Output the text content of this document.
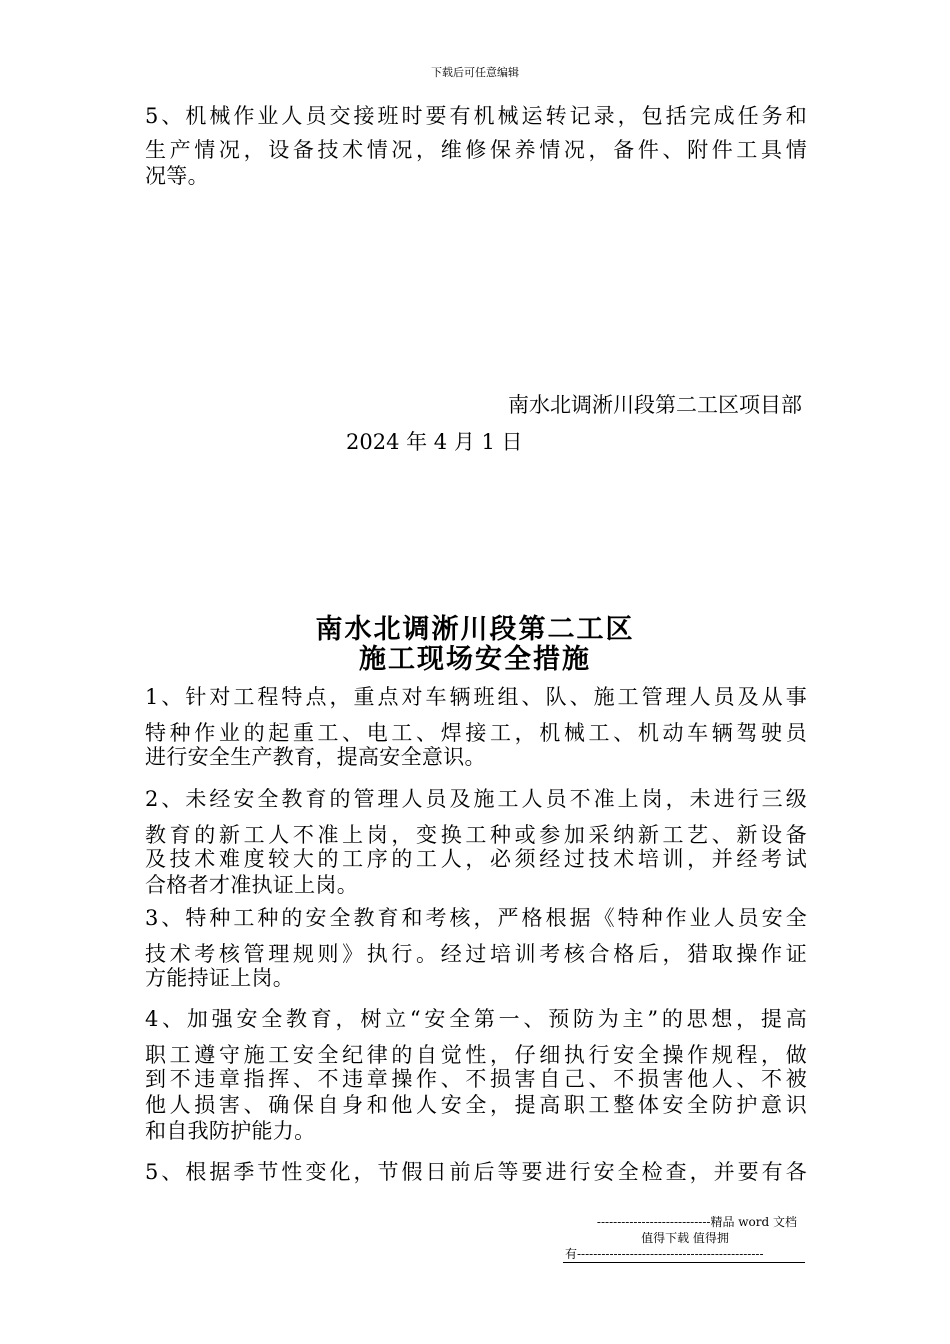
下载后可任意编辑
5、机械作业人员交接班时要有机械运转记录，包括完成任务和
生产情况，设备技术情况，维修保养情况，备件、附件工具情
况等。
南水北调淅川段第二工区项目部
2024 年 4 月 1 日
南水北调淅川段第二工区
施工现场安全措施
1、针对工程特点，重点对车辆班组、队、施工管理人员及从事
特种作业的起重工、电工、焊接工，机械工、机动车辆驾驶员
进行安全生产教育，提高安全意识。
2、未经安全教育的管理人员及施工人员不准上岗，未进行三级
教育的新工人不准上岗，变换工种或参加采纳新工艺、新设备
及技术难度较大的工序的工人，必须经过技术培训，并经考试
合格者才准执证上岗。
3、特种工种的安全教育和考核，严格根据《特种作业人员安全
技术考核管理规则》执行。经过培训考核合格后，猎取操作证
方能持证上岗。
4、加强安全教育，树立“安全第一、预防为主”的思想，提高
职工遵守施工安全纪律的自觉性，仔细执行安全操作规程，做
到不违章指挥、不违章操作、不损害自己、不损害他人、不被
他人损害、确保自身和他人安全，提高职工整体安全防护意识
和自我防护能力。
5、根据季节性变化，节假日前后等要进行安全检查，并要有各
----------------------------精品 word 文档
值得下载 值得拥
有----------------------------------------------
